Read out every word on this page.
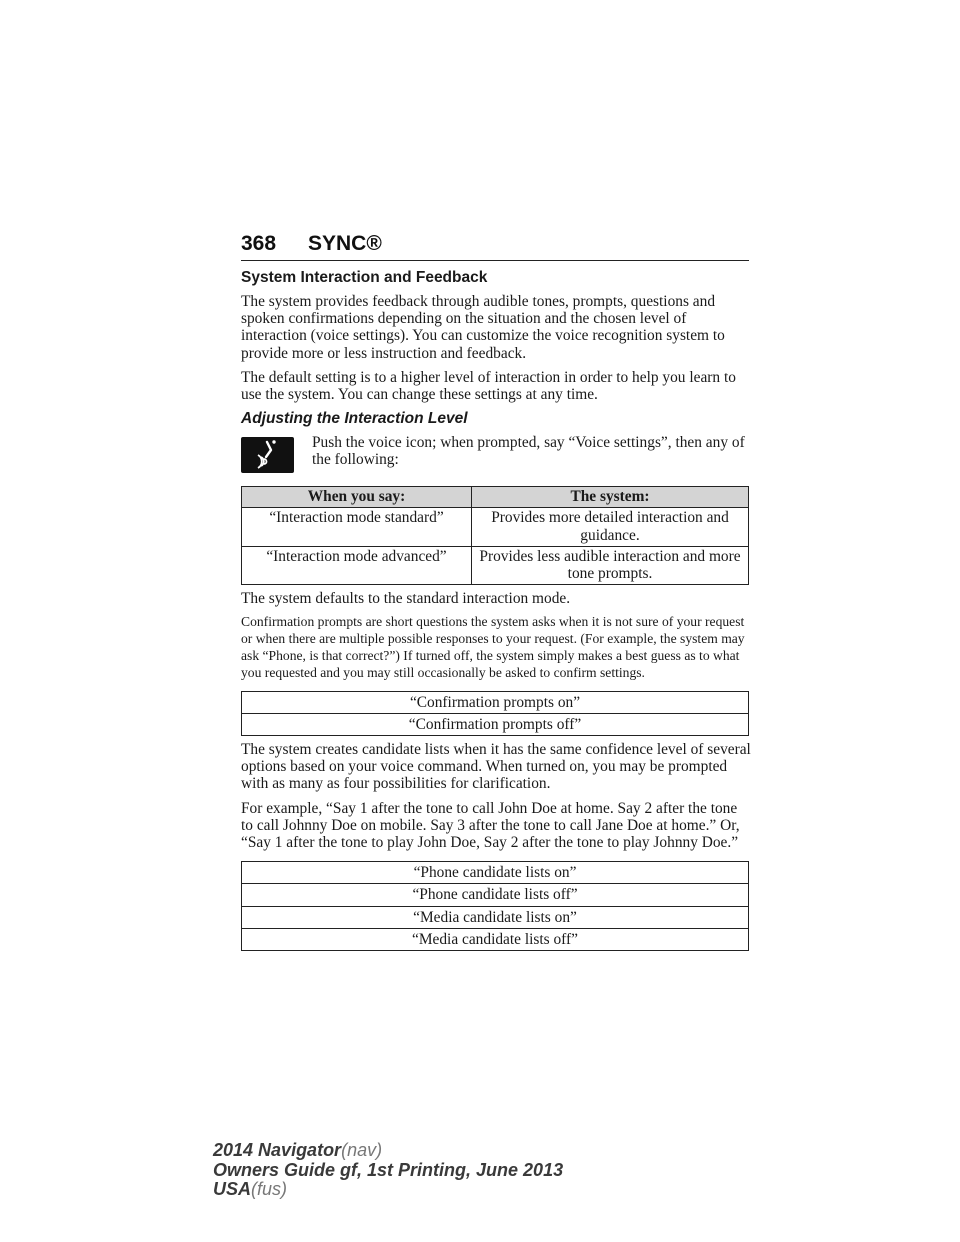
368 SYNC®
System Interaction and Feedback

The system provides feedback through audible tones, prompts, questions and spoken confirmations depending on the situation and the chosen level of interaction (voice settings). You can customize the voice recognition system to provide more or less instruction and feedback.

The default setting is to a higher level of interaction in order to help you learn to use the system. You can change these settings at any time.

Adjusting the Interaction Level
Push the voice icon; when prompted, say “Voice settings”, then any of the following:
When you say:	The system:
“Interaction mode standard”	Provides more detailed interaction and guidance.
“Interaction mode advanced”	Provides less audible interaction and more tone prompts.

The system defaults to the standard interaction mode.

Confirmation prompts are short questions the system asks when it is not sure of your request or when there are multiple possible responses to your request. (For example, the system may ask “Phone, is that correct?”) If turned off, the system simply makes a best guess as to what you requested and you may still occasionally be asked to confirm settings.

“Confirmation prompts on”
“Confirmation prompts off”

The system creates candidate lists when it has the same confidence level of several options based on your voice command. When turned on, you may be prompted with as many as four possibilities for clarification.

For example, “Say 1 after the tone to call John Doe at home. Say 2 after the tone to call Johnny Doe on mobile. Say 3 after the tone to call Jane Doe at home.” Or, “Say 1 after the tone to play John Doe, Say 2 after the tone to play Johnny Doe.”

“Phone candidate lists on”
“Phone candidate lists off”
“Media candidate lists on”
“Media candidate lists off”
2014 Navigator(nav)
Owners Guide gf, 1st Printing, June 2013
USA(fus)
